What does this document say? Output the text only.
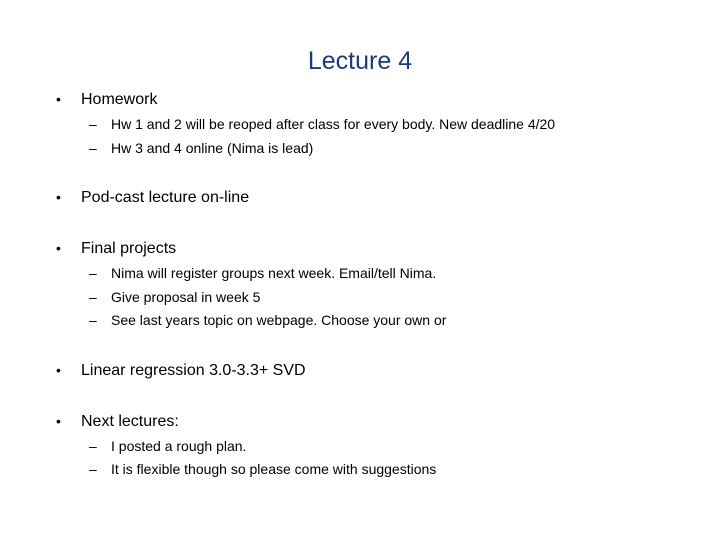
Lecture 4
•	Homework
–	Hw 1 and 2 will be reoped after class for every body. New deadline 4/20
–	Hw 3 and 4 online (Nima is lead)
•	Pod-cast lecture on-line
•	Final projects
–	Nima will register groups next week. Email/tell Nima.
–	Give proposal in week 5
–	See last years topic on webpage. Choose your own or
•	Linear regression 3.0-3.3+ SVD
•	Next lectures:
–	I posted a rough plan.
–	It is flexible though so please come with suggestions
